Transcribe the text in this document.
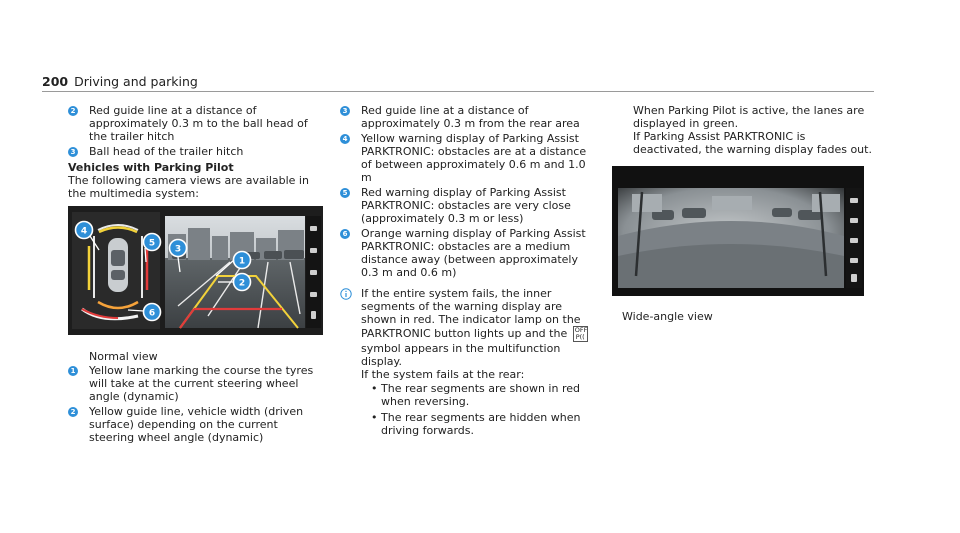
200 Driving and parking
2 Red guide line at a distance of approximately 0.3 m to the ball head of the trailer hitch
3 Ball head of the trailer hitch
Vehicles with Parking Pilot
The following camera views are available in the multimedia system:
4
5
6
3
1
2
Normal view
1 Yellow lane marking the course the tyres will take at the current steering wheel angle (dynamic)
2 Yellow guide line, vehicle width (driven surface) depending on the current steering wheel angle (dynamic)
3 Red guide line at a distance of approximately 0.3 m from the rear area
4 Yellow warning display of Parking Assist PARKTRONIC: obstacles are at a distance of between approximately 0.6 m and 1.0 m
5 Red warning display of Parking Assist PARKTRONIC: obstacles are very close (approximately 0.3 m or less)
6 Orange warning display of Parking Assist PARKTRONIC: obstacles are a medium distance away (between approximately 0.3 m and 0.6 m)
If the entire system fails, the inner segments of the warning display are shown in red. The indicator lamp on the PARKTRONIC button lights up and the OFF
P(( symbol appears in the multifunction display.
If the system fails at the rear:
• The rear segments are shown in red when reversing.
• The rear segments are hidden when driving forwards.
When Parking Pilot is active, the lanes are displayed in green.
If Parking Assist PARKTRONIC is deactivated, the warning display fades out.
Wide-angle view
